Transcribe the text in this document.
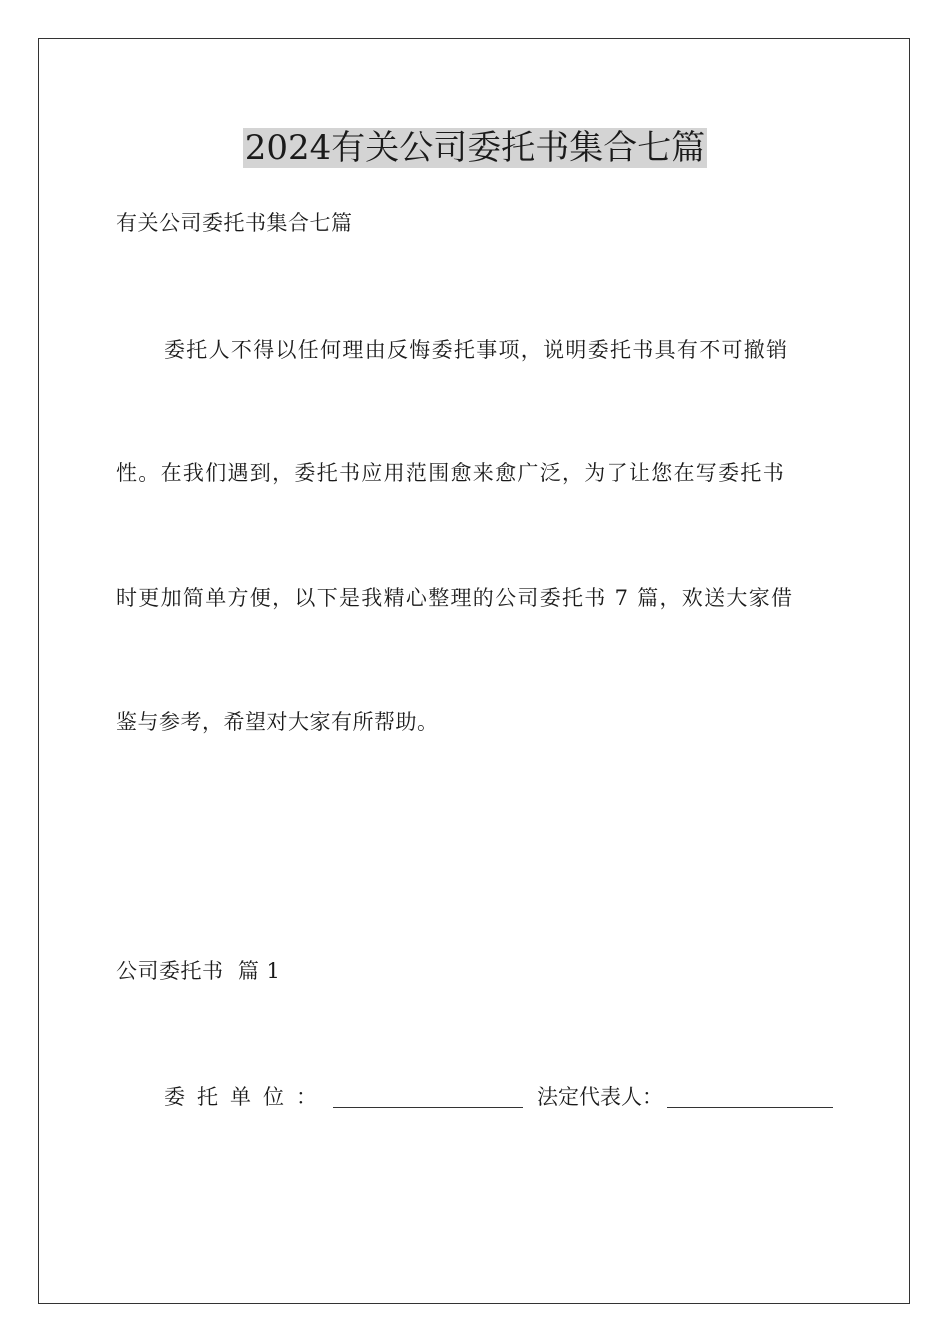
2024有关公司委托书集合七篇

有关公司委托书集合七篇

委托人不得以任何理由反悔委托事项，说明委托书具有不可撤销

性。在我们遇到，委托书应用范围愈来愈广泛，为了让您在写委托书

时更加简单方便，以下是我精心整理的公司委托书 7 篇，欢送大家借

鉴与参考，希望对大家有所帮助。

公司委托书  篇 1

委托单位：	法定代表人：
